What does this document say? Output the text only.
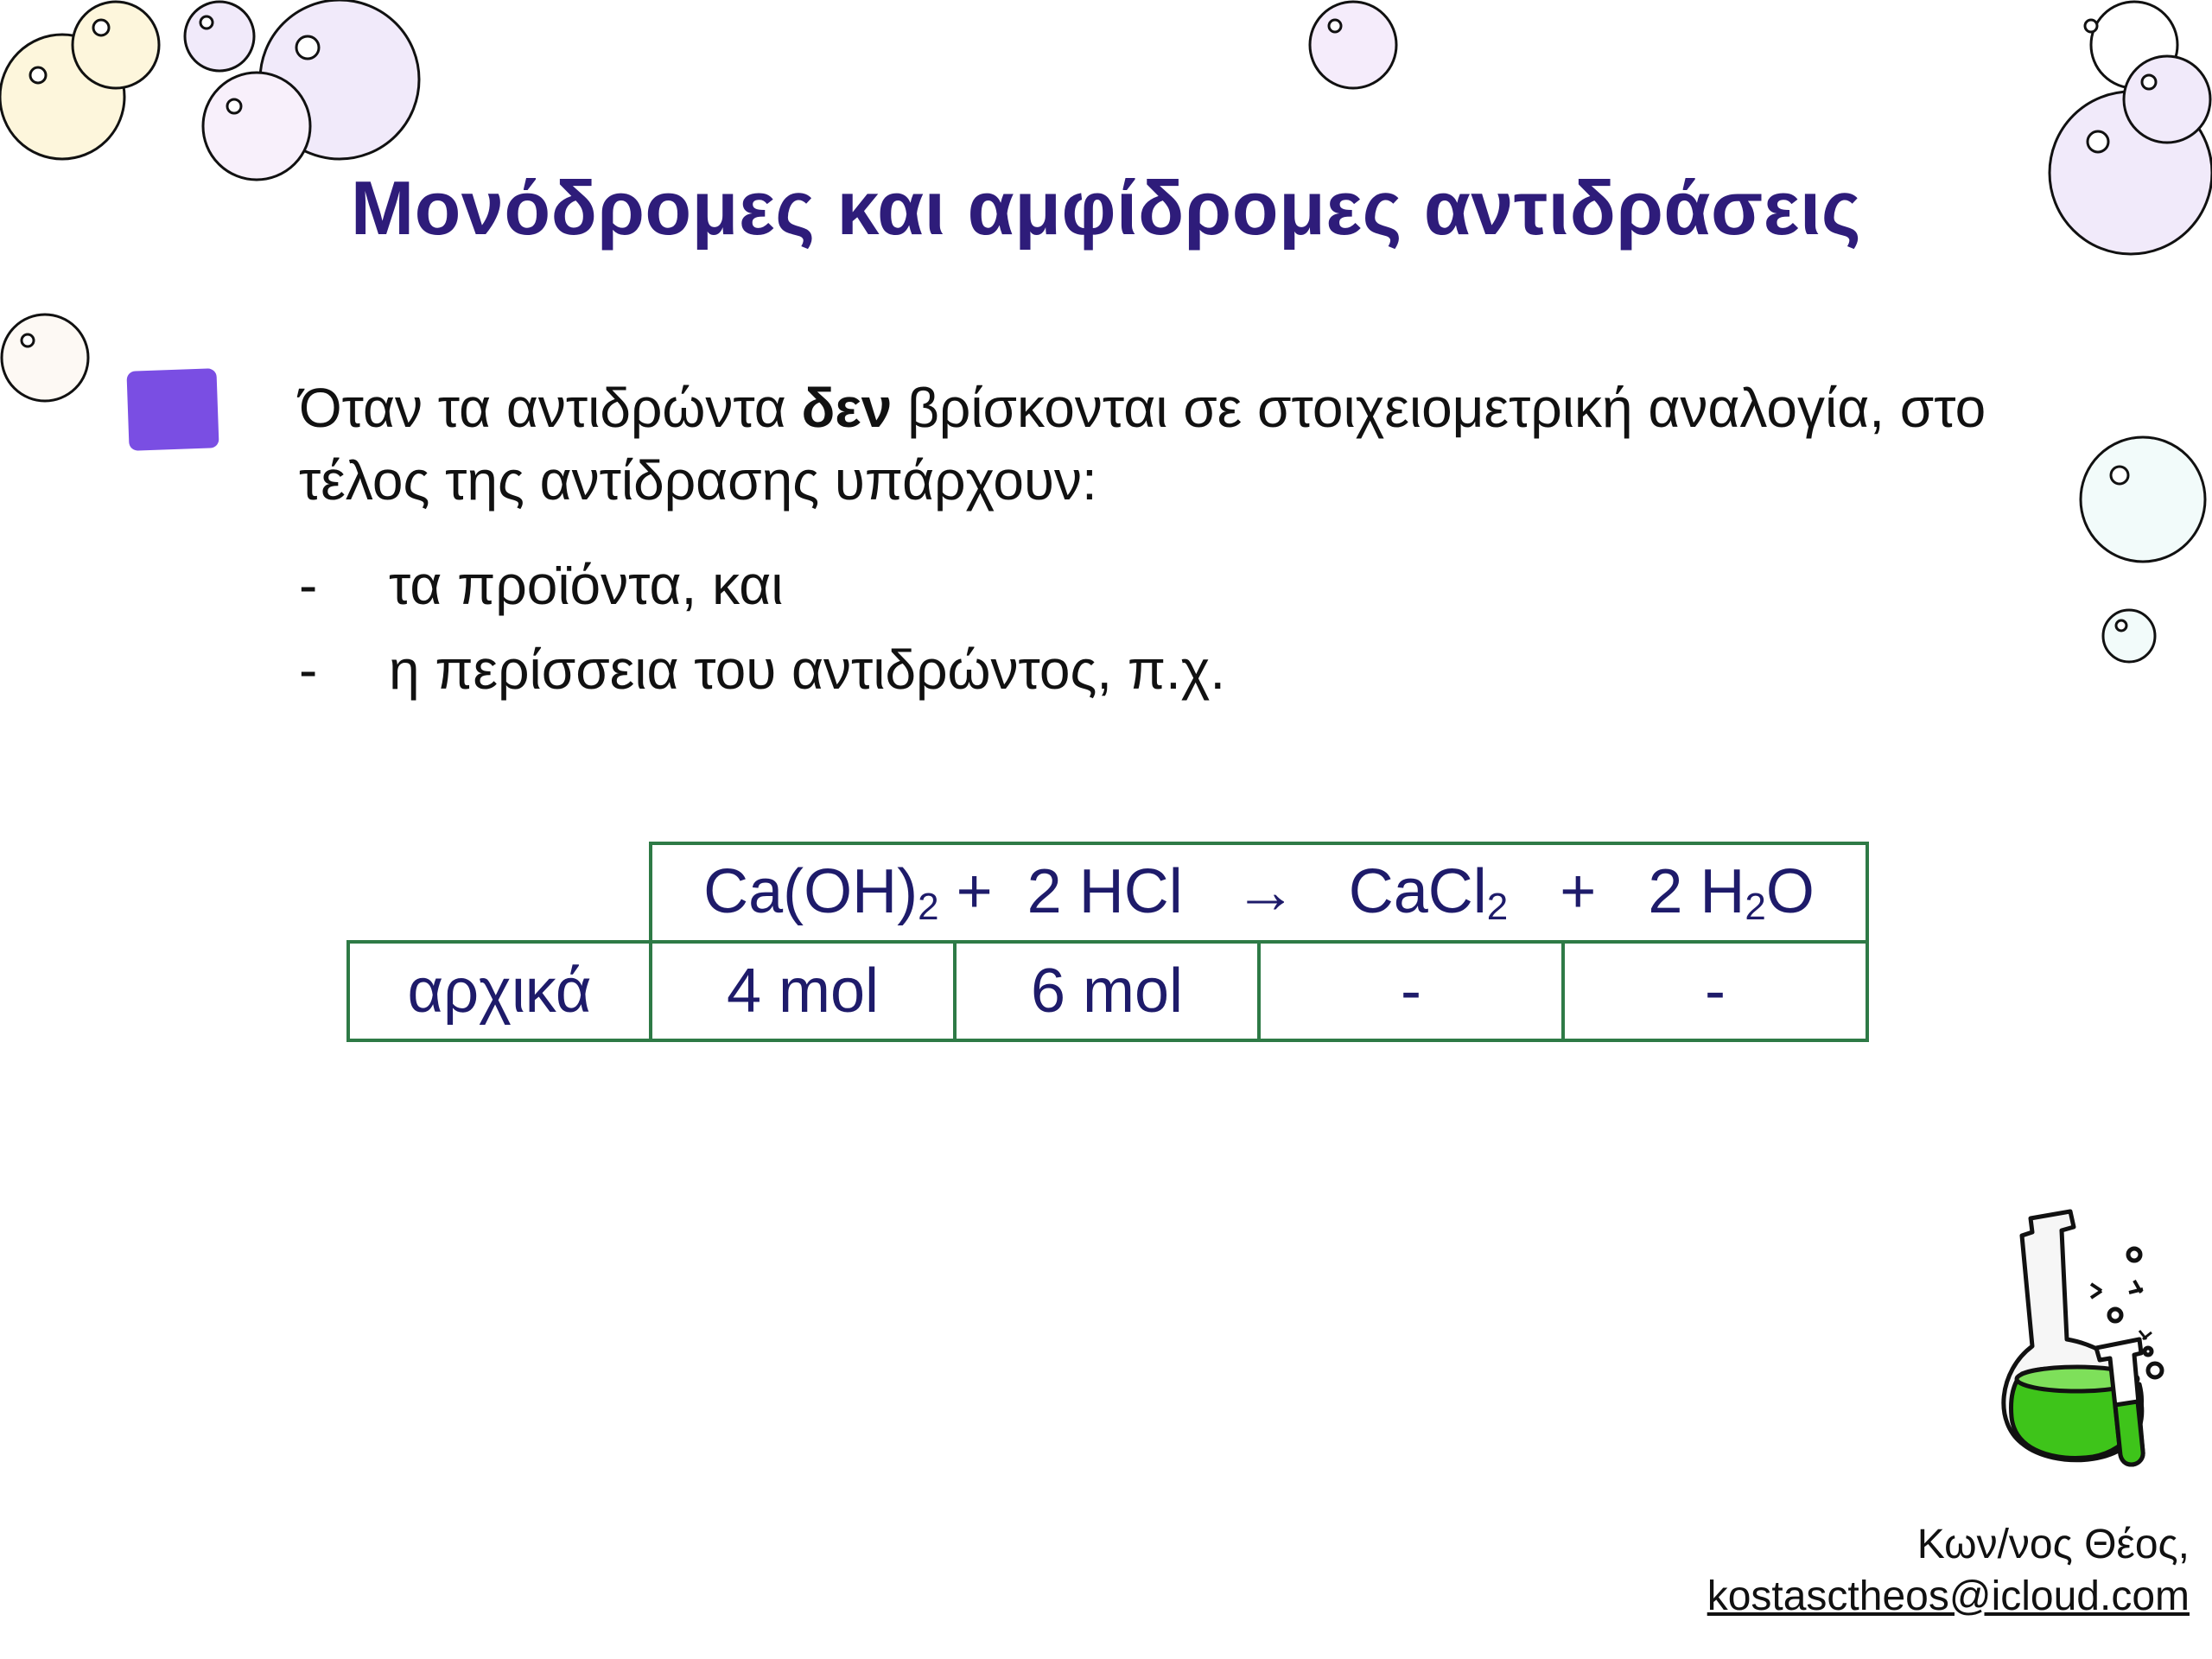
Μονόδρομες και αμφίδρομες αντιδράσεις
Όταν τα αντιδρώντα δεν βρίσκονται σε στοιχειομετρική αναλογία, στο τέλος της αντίδρασης υπάρχουν:
- τα προϊόντα, και
- η περίσσεια του αντιδρώντος, π.χ.
	$Ca(OH)_2 + 2$ HCl → CaCl$_2$ + 2 $H_2O$			
αρχικά	4 mol	6 mol	-	-
Κων/νος Θέος,
kostasctheos@icloud.com
